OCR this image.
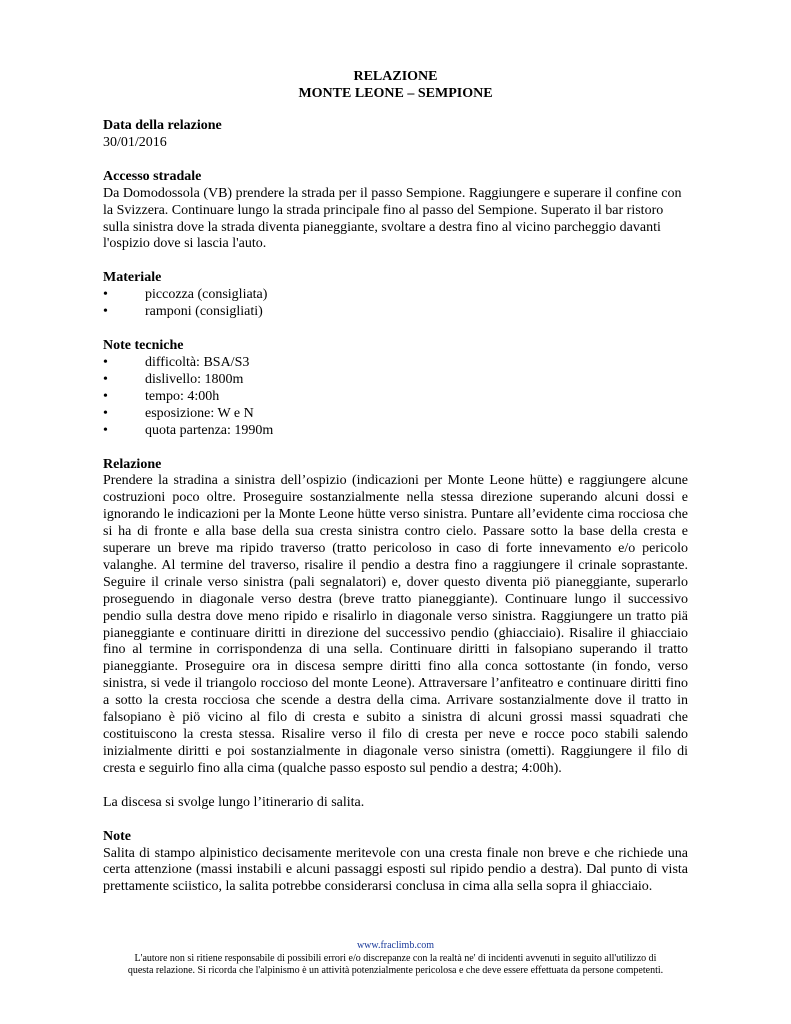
RELAZIONE
MONTE LEONE – SEMPIONE
Data della relazione
30/01/2016
Accesso stradale

Da Domodossola (VB) prendere la strada per il passo Sempione. Raggiungere e superare il confine con la Svizzera. Continuare lungo la strada principale fino al passo del Sempione. Superato il bar ristoro sulla sinistra dove la strada diventa pianeggiante, svoltare a destra fino al vicino parcheggio davanti l'ospizio dove si lascia l'auto.

Materiale
• piccozza (consigliata)
• ramponi (consigliati)
Note tecniche
• difficoltà: BSA/S3
• dislivello: 1800m
• tempo: 4:00h
• esposizione: W e N
• quota partenza: 1990m
Relazione

Prendere la stradina a sinistra dell’ospizio (indicazioni per Monte Leone hütte) e raggiungere alcune costruzioni poco oltre. Proseguire sostanzialmente nella stessa direzione superando alcuni dossi e ignorando le indicazioni per la Monte Leone hütte verso sinistra. Puntare all’evidente cima rocciosa che si ha di fronte e alla base della sua cresta sinistra contro cielo. Passare sotto la base della cresta e superare un breve ma ripido traverso (tratto pericoloso in caso di forte innevamento e/o pericolo valanghe. Al termine del traverso, risalire il pendio a destra fino a raggiungere il crinale soprastante. Seguire il crinale verso sinistra (pali segnalatori) e, dover questo diventa piö pianeggiante, superarlo proseguendo in diagonale verso destra (breve tratto pianeggiante). Continuare lungo il successivo pendio sulla destra dove meno ripido e risalirlo in diagonale verso sinistra. Raggiungere un tratto piä pianeggiante e continuare diritti in direzione del successivo pendio (ghiacciaio). Risalire il ghiacciaio fino al termine in corrispondenza di una sella. Continuare diritti in falsopiano superando il tratto pianeggiante. Proseguire ora in discesa sempre diritti fino alla conca sottostante (in fondo, verso sinistra, si vede il triangolo roccioso del monte Leone). Attraversare l’anfiteatro e continuare diritti fino a sotto la cresta rocciosa che scende a destra della cima. Arrivare sostanzialmente dove il tratto in falsopiano è piö vicino al filo di cresta e subito a sinistra di alcuni grossi massi squadrati che costituiscono la cresta stessa. Risalire verso il filo di cresta per neve e rocce poco stabili salendo inizialmente diritti e poi sostanzialmente in diagonale verso sinistra (ometti). Raggiungere il filo di cresta e seguirlo fino alla cima (qualche passo esposto sul pendio a destra; 4:00h).

La discesa si svolge lungo l’itinerario di salita.

Note

Salita di stampo alpinistico decisamente meritevole con una cresta finale non breve e che richiede una certa attenzione (massi instabili e alcuni passaggi esposti sul ripido pendio a destra). Dal punto di vista prettamente sciistico, la salita potrebbe considerarsi conclusa in cima alla sella sopra il ghiacciaio.

www.fraclimb.com
L'autore non si ritiene responsabile di possibili errori e/o discrepanze con la realtà ne' di incidenti avvenuti in seguito all'utilizzo di
questa relazione. Si ricorda che l'alpinismo è un attività potenzialmente pericolosa e che deve essere effettuata da persone competenti.
